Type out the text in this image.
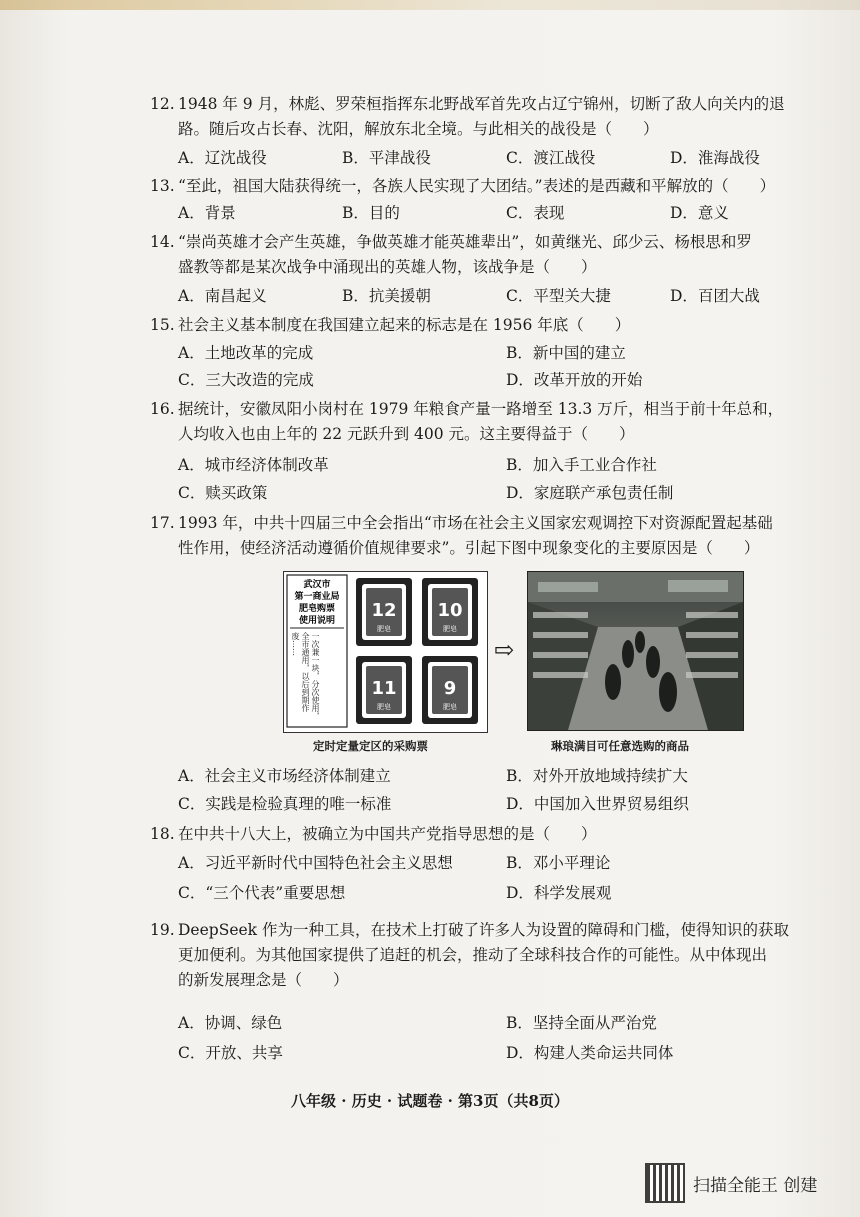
12. 1948 年 9 月，林彪、罗荣桓指挥东北野战军首先攻占辽宁锦州，切断了敌人向关内的退
路。随后攻占长春、沈阳，解放东北全境。与此相关的战役是（　　）
A．辽沈战役	B．平津战役	C．渡江战役	D．淮海战役
13. “至此，祖国大陆获得统一，各族人民实现了大团结。”表述的是西藏和平解放的（　　）
A．背景	B．目的	C．表现	D．意义
14. “崇尚英雄才会产生英雄，争做英雄才能英雄辈出”，如黄继光、邱少云、杨根思和罗
盛教等都是某次战争中涌现出的英雄人物，该战争是（　　）
A．南昌起义	B．抗美援朝	C．平型关大捷	D．百团大战
15. 社会主义基本制度在我国建立起来的标志是在 1956 年底（　　）
A．土地改革的完成	B．新中国的建立
C．三大改造的完成	D．改革开放的开始
16. 据统计，安徽凤阳小岗村在 1979 年粮食产量一路增至 13.3 万斤，相当于前十年总和，
人均收入也由上年的 22 元跃升到 400 元。这主要得益于（　　）
A．城市经济体制改革	B．加入手工业合作社
C．赎买政策	D．家庭联产承包责任制
17. 1993 年，中共十四届三中全会指出“市场在社会主义国家宏观调控下对资源配置起基础
性作用，使经济活动遵循价值规律要求”。引起下图中现象变化的主要原因是（　　）
武汉市
第一商业局
肥皂购票
使用说明
一次兼一块，分次使用，全市通用，以后到期作废……
12
肥皂
10
肥皂
11
肥皂
9
肥皂
⇨
定时定量定区的采购票	琳琅满目可任意选购的商品
A．社会主义市场经济体制建立	B．对外开放地域持续扩大
C．实践是检验真理的唯一标准	D．中国加入世界贸易组织
18. 在中共十八大上，被确立为中国共产党指导思想的是（　　）
A．习近平新时代中国特色社会主义思想	B．邓小平理论
C．“三个代表”重要思想	D．科学发展观
19. DeepSeek 作为一种工具，在技术上打破了许多人为设置的障碍和门槛，使得知识的获取
更加便利。为其他国家提供了追赶的机会，推动了全球科技合作的可能性。从中体现出
的新发展理念是（　　）
A．协调、绿色	B．坚持全面从严治党
C．开放、共享	D．构建人类命运共同体
八年级 · 历史 · 试题卷 · 第3页（共8页）
扫描全能王 创建
